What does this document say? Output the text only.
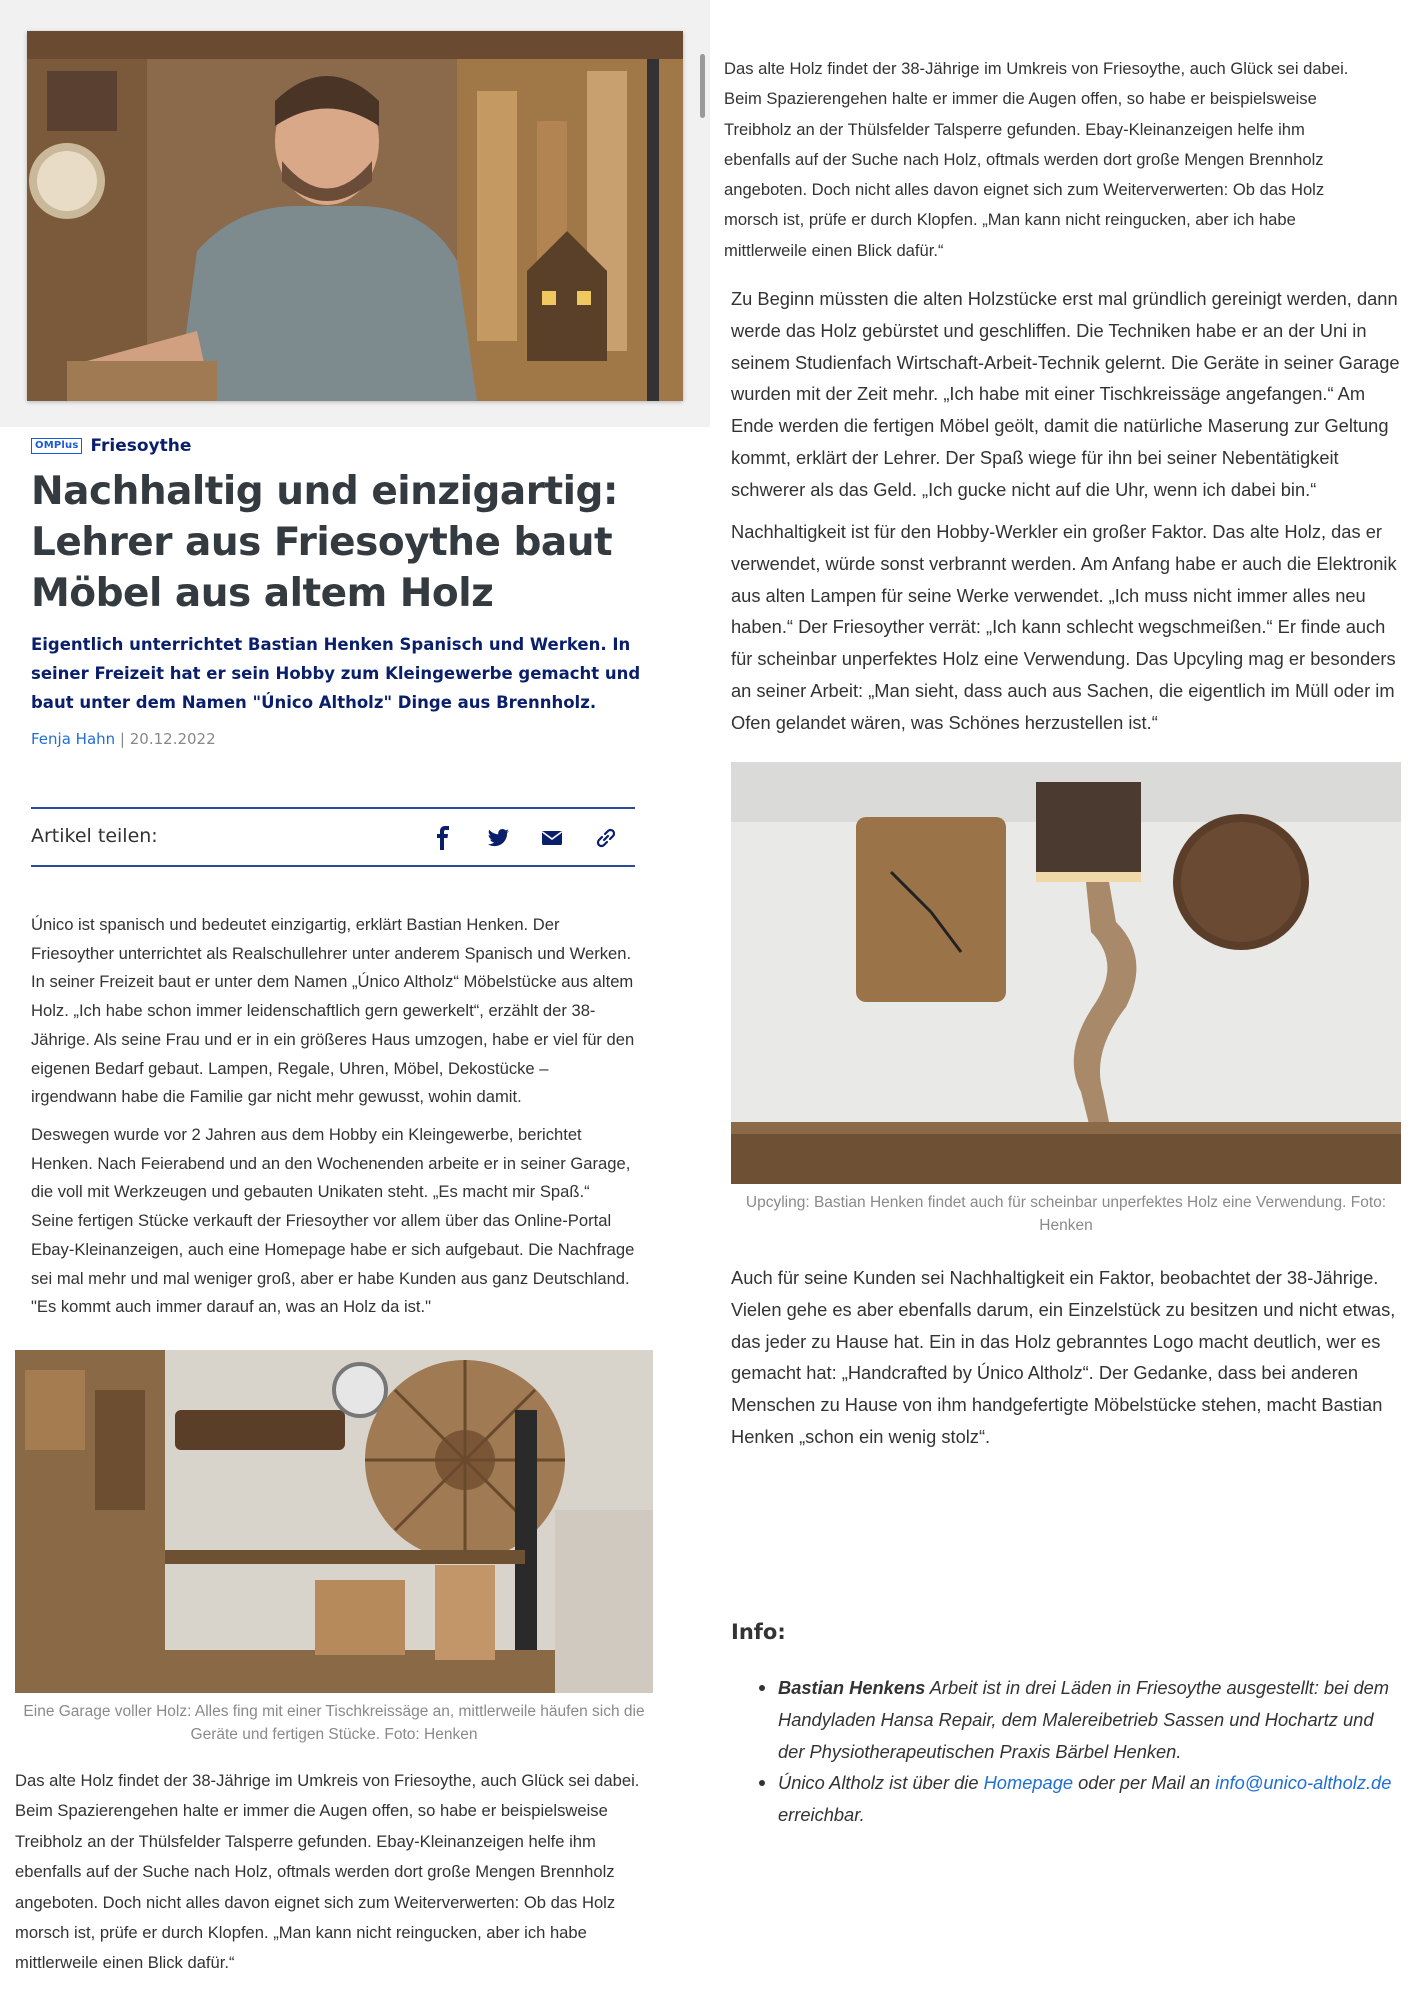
OMPlus Friesoythe
Nachhaltig und einzigartig: Lehrer aus Friesoythe baut Möbel aus altem Holz

Eigentlich unterrichtet Bastian Henken Spanisch und Werken. In seiner Freizeit hat er sein Hobby zum Kleingewerbe gemacht und baut unter dem Namen "Único Altholz" Dinge aus Brennholz.

Fenja Hahn | 20.12.2022
Artikel teilen:

Único ist spanisch und bedeutet einzigartig, erklärt Bastian Henken. Der Friesoyther unterrichtet als Realschullehrer unter anderem Spanisch und Werken. In seiner Freizeit baut er unter dem Namen „Único Altholz“ Möbelstücke aus altem Holz. „Ich habe schon immer leidenschaftlich gern gewerkelt“, erzählt der 38-Jährige. Als seine Frau und er in ein größeres Haus umzogen, habe er viel für den eigenen Bedarf gebaut. Lampen, Regale, Uhren, Möbel, Dekostücke – irgendwann habe die Familie gar nicht mehr gewusst, wohin damit.

Deswegen wurde vor 2 Jahren aus dem Hobby ein Kleingewerbe, berichtet Henken. Nach Feierabend und an den Wochenenden arbeite er in seiner Garage, die voll mit Werkzeugen und gebauten Unikaten steht. „Es macht mir Spaß.“ Seine fertigen Stücke verkauft der Friesoyther vor allem über das Online-Portal Ebay-Kleinanzeigen, auch eine Homepage habe er sich aufgebaut. Die Nachfrage sei mal mehr und mal weniger groß, aber er habe Kunden aus ganz Deutschland. "Es kommt auch immer darauf an, was an Holz da ist."

Eine Garage voller Holz: Alles fing mit einer Tischkreissäge an, mittlerweile häufen sich die Geräte und fertigen Stücke. Foto: Henken

Das alte Holz findet der 38-Jährige im Umkreis von Friesoythe, auch Glück sei dabei. Beim Spazierengehen halte er immer die Augen offen, so habe er beispielsweise Treibholz an der Thülsfelder Talsperre gefunden. Ebay-Kleinanzeigen helfe ihm ebenfalls auf der Suche nach Holz, oftmals werden dort große Mengen Brennholz angeboten. Doch nicht alles davon eignet sich zum Weiterverwerten: Ob das Holz morsch ist, prüfe er durch Klopfen. „Man kann nicht reingucken, aber ich habe mittlerweile einen Blick dafür.“

Das alte Holz findet der 38-Jährige im Umkreis von Friesoythe, auch Glück sei dabei. Beim Spazierengehen halte er immer die Augen offen, so habe er beispielsweise Treibholz an der Thülsfelder Talsperre gefunden. Ebay-Kleinanzeigen helfe ihm ebenfalls auf der Suche nach Holz, oftmals werden dort große Mengen Brennholz angeboten. Doch nicht alles davon eignet sich zum Weiterverwerten: Ob das Holz morsch ist, prüfe er durch Klopfen. „Man kann nicht reingucken, aber ich habe mittlerweile einen Blick dafür.“

Zu Beginn müssten die alten Holzstücke erst mal gründlich gereinigt werden, dann werde das Holz gebürstet und geschliffen. Die Techniken habe er an der Uni in seinem Studienfach Wirtschaft-Arbeit-Technik gelernt. Die Geräte in seiner Garage wurden mit der Zeit mehr. „Ich habe mit einer Tischkreissäge angefangen.“ Am Ende werden die fertigen Möbel geölt, damit die natürliche Maserung zur Geltung kommt, erklärt der Lehrer. Der Spaß wiege für ihn bei seiner Nebentätigkeit schwerer als das Geld. „Ich gucke nicht auf die Uhr, wenn ich dabei bin.“

Nachhaltigkeit ist für den Hobby-Werkler ein großer Faktor. Das alte Holz, das er verwendet, würde sonst verbrannt werden. Am Anfang habe er auch die Elektronik aus alten Lampen für seine Werke verwendet. „Ich muss nicht immer alles neu haben.“ Der Friesoyther verrät: „Ich kann schlecht wegschmeißen.“ Er finde auch für scheinbar unperfektes Holz eine Verwendung. Das Upcyling mag er besonders an seiner Arbeit: „Man sieht, dass auch aus Sachen, die eigentlich im Müll oder im Ofen gelandet wären, was Schönes herzustellen ist.“

Upcyling: Bastian Henken findet auch für scheinbar unperfektes Holz eine Verwendung. Foto: Henken

Auch für seine Kunden sei Nachhaltigkeit ein Faktor, beobachtet der 38-Jährige. Vielen gehe es aber ebenfalls darum, ein Einzelstück zu besitzen und nicht etwas, das jeder zu Hause hat. Ein in das Holz gebranntes Logo macht deutlich, wer es gemacht hat: „Handcrafted by Único Altholz“. Der Gedanke, dass bei anderen Menschen zu Hause von ihm handgefertigte Möbelstücke stehen, macht Bastian Henken „schon ein wenig stolz“.

Info:
Bastian Henkens Arbeit ist in drei Läden in Friesoythe ausgestellt: bei dem Handyladen Hansa Repair, dem Malereibetrieb Sassen und Hochartz und der Physiotherapeutischen Praxis Bärbel Henken.
Único Altholz ist über die Homepage oder per Mail an info@unico-altholz.de erreichbar.
